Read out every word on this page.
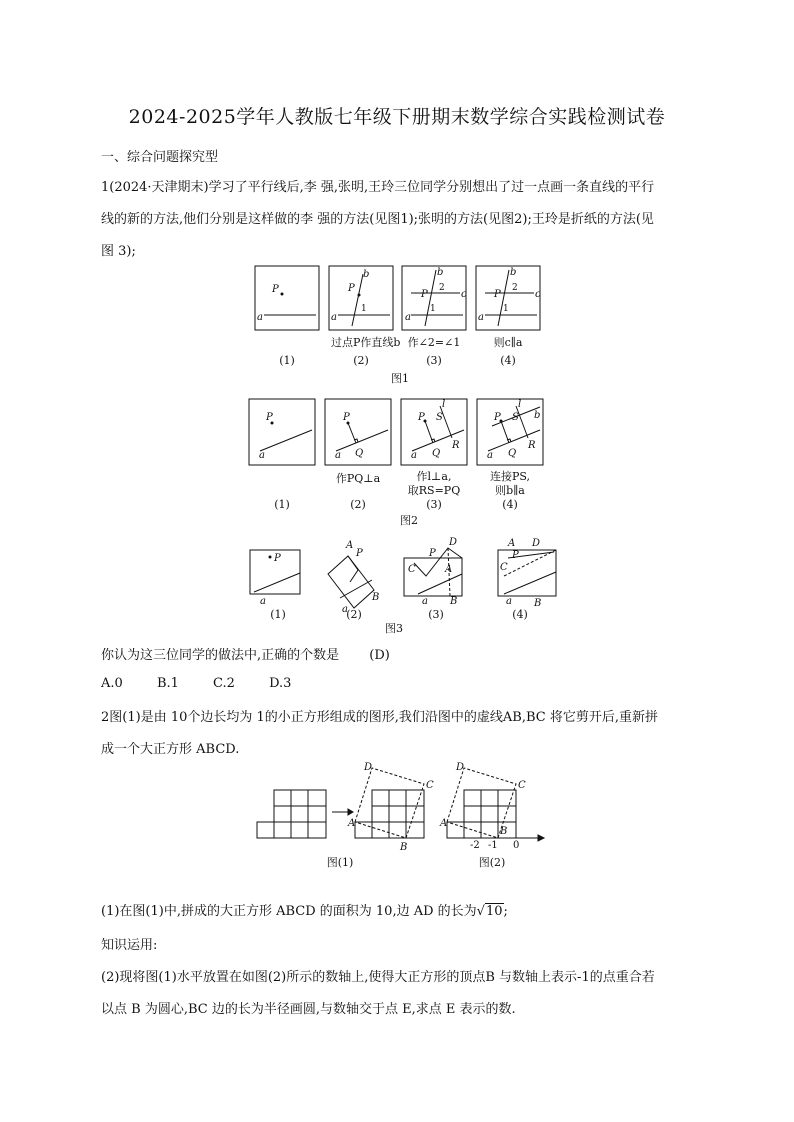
2024-2025学年人教版七年级下册期末数学综合实践检测试卷
一、综合问题探究型
1(2024·天津期末)学习了平行线后,李 强,张明,王玲三位同学分别想出了过一点画一条直线的平行
线的新的方法,他们分别是这样做的李 强的方法(见图1);张明的方法(见图2);王玲是折纸的方法(见
图 3);
P
a
P
a
b
P
a
b
c	P
a
b
c
1	1
2
1
2
过点P作直线b 作∠2=∠1	则c∥a
(1)	(2)	(3)	(4)
图1
P
a
P
a Q
P
a Q
S
l
R
P
a Q
S
l
R
b
作PQ⊥a	作l⊥a,
取RS=PQ
连接PS,
则b∥a
(1)	(2)	(3)	(4)
图2
P
a
A
P
a
B
P
D
C	A
a B
A D
C
P
a B
(1)	(2)	(3)	(4)
图3
你认为这三位同学的做法中,正确的个数是 (D)
A.0	B.1	C.2	D.3
2图(1)是由 10个边长均为 1的小正方形组成的图形,我们沿图中的虚线AB,BC 将它剪开后,重新拼
成一个大正方形 ABCD.
D
C
A
B
D
C
A
B
-2 -1 0
图(1)	图(2)
(1)在图(1)中,拼成的大正方形 ABCD 的面积为 10,边 AD 的长为√10;
知识运用:
(2)现将图(1)水平放置在如图(2)所示的数轴上,使得大正方形的顶点B 与数轴上表示-1的点重合若
以点 B 为圆心,BC 边的长为半径画圆,与数轴交于点 E,求点 E 表示的数.
